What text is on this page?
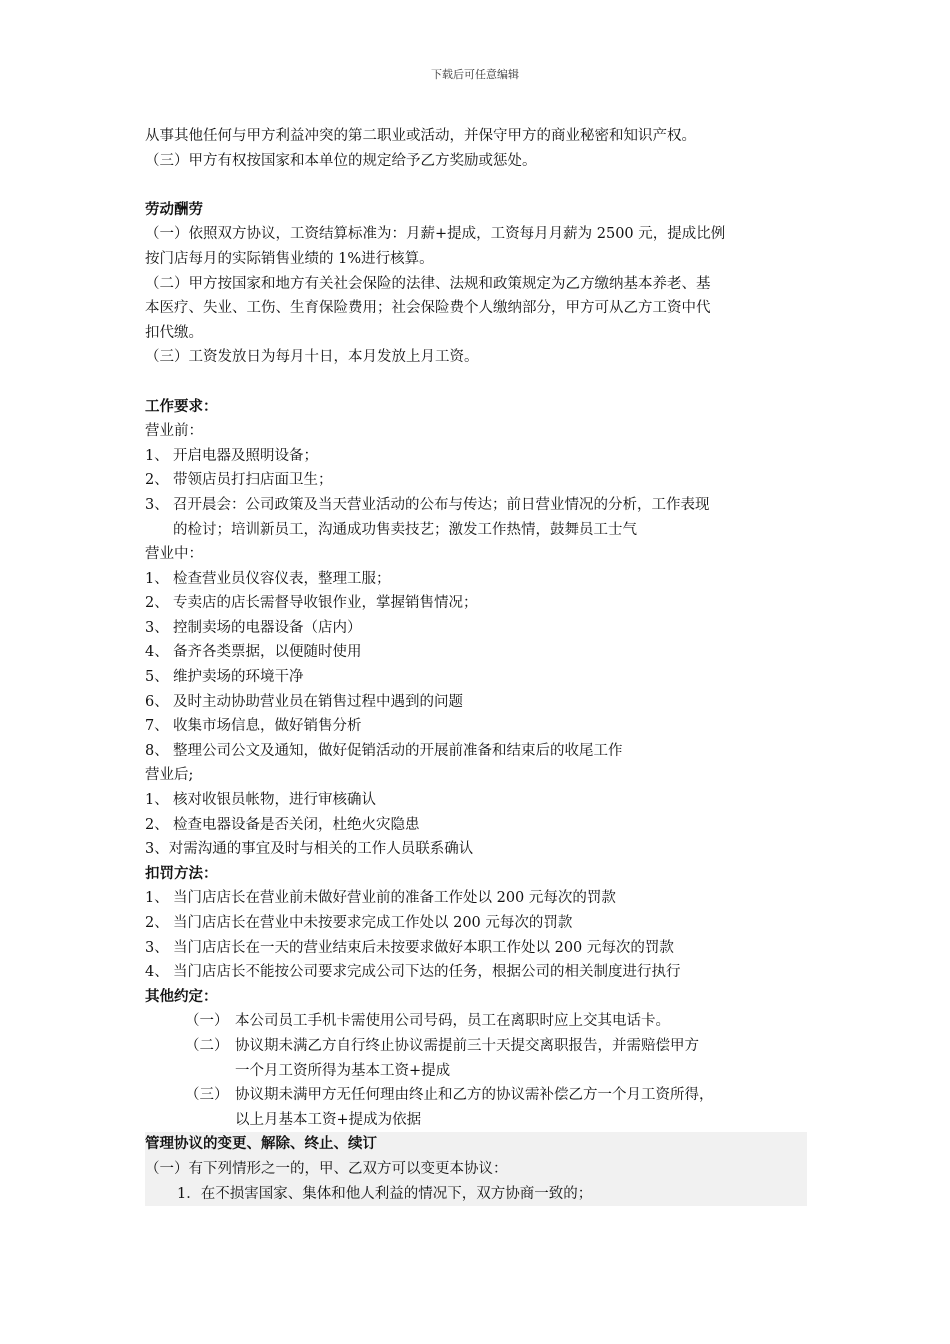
下载后可任意编辑
从事其他任何与甲方利益冲突的第二职业或活动，并保守甲方的商业秘密和知识产权。
（三）甲方有权按国家和本单位的规定给予乙方奖励或惩处。
劳动酬劳
（一）依照双方协议，工资结算标准为：月薪+提成，工资每月月薪为 2500 元，提成比例
按门店每月的实际销售业绩的 1%进行核算。
（二）甲方按国家和地方有关社会保险的法律、法规和政策规定为乙方缴纳基本养老、基
本医疗、失业、工伤、生育保险费用；社会保险费个人缴纳部分，甲方可从乙方工资中代
扣代缴。
（三）工资发放日为每月十日，本月发放上月工资。
工作要求：
营业前：
1、 开启电器及照明设备；
2、 带领店员打扫店面卫生；
3、 召开晨会：公司政策及当天营业活动的公布与传达；前日营业情况的分析，工作表现
的检讨；培训新员工，沟通成功售卖技艺；激发工作热情，鼓舞员工士气
营业中：
1、 检查营业员仪容仪表，整理工服；
2、 专卖店的店长需督导收银作业，掌握销售情况；
3、 控制卖场的电器设备（店内）
4、 备齐各类票据，以便随时使用
5、 维护卖场的环境干净
6、 及时主动协助营业员在销售过程中遇到的问题
7、 收集市场信息，做好销售分析
8、 整理公司公文及通知，做好促销活动的开展前准备和结束后的收尾工作
营业后;
1、 核对收银员帐物，进行审核确认
2、 检查电器设备是否关闭，杜绝火灾隐患
3、对需沟通的事宜及时与相关的工作人员联系确认
扣罚方法：
1、 当门店店长在营业前未做好营业前的准备工作处以 200 元每次的罚款
2、 当门店店长在营业中未按要求完成工作处以 200 元每次的罚款
3、 当门店店长在一天的营业结束后未按要求做好本职工作处以 200 元每次的罚款
4、 当门店店长不能按公司要求完成公司下达的任务，根据公司的相关制度进行执行
其他约定：
（一） 本公司员工手机卡需使用公司号码，员工在离职时应上交其电话卡。
（二） 协议期未满乙方自行终止协议需提前三十天提交离职报告，并需赔偿甲方
一个月工资所得为基本工资+提成
（三） 协议期未满甲方无任何理由终止和乙方的协议需补偿乙方一个月工资所得，
以上月基本工资+提成为依据
管理协议的变更、解除、终止、续订
（一）有下列情形之一的，甲、乙双方可以变更本协议：
1．在不损害国家、集体和他人利益的情况下，双方协商一致的；
